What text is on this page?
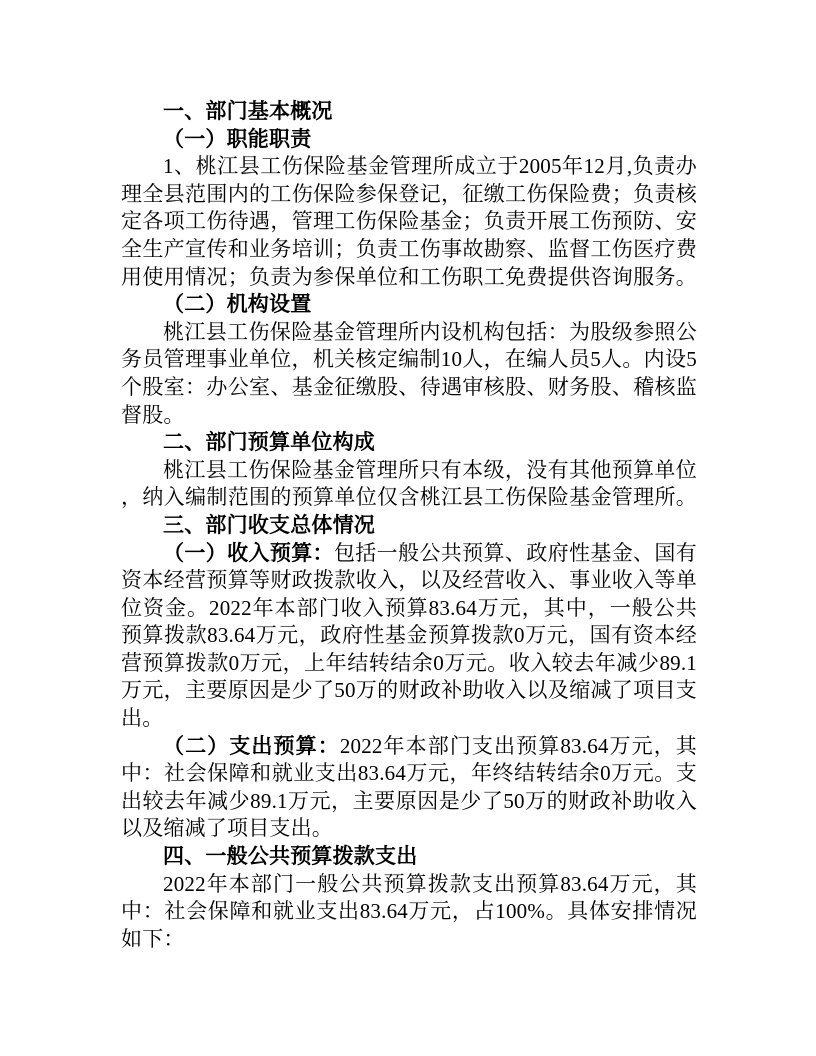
一、部门基本概况
（一）职能职责
1、桃江县工伤保险基金管理所成立于2005年12月,负责办
理全县范围内的工伤保险参保登记，征缴工伤保险费；负责核
定各项工伤待遇，管理工伤保险基金；负责开展工伤预防、安
全生产宣传和业务培训；负责工伤事故勘察、监督工伤医疗费
用使用情况；负责为参保单位和工伤职工免费提供咨询服务。
（二）机构设置
桃江县工伤保险基金管理所内设机构包括：为股级参照公
务员管理事业单位，机关核定编制10人，在编人员5人。内设5
个股室：办公室、基金征缴股、待遇审核股、财务股、稽核监
督股。
二、部门预算单位构成
桃江县工伤保险基金管理所只有本级，没有其他预算单位
，纳入编制范围的预算单位仅含桃江县工伤保险基金管理所。
三、部门收支总体情况
（一）收入预算：包括一般公共预算、政府性基金、国有
资本经营预算等财政拨款收入，以及经营收入、事业收入等单
位资金。2022年本部门收入预算83.64万元，其中，一般公共
预算拨款83.64万元，政府性基金预算拨款0万元，国有资本经
营预算拨款0万元，上年结转结余0万元。收入较去年减少89.1
万元，主要原因是少了50万的财政补助收入以及缩减了项目支
出。
（二）支出预算：2022年本部门支出预算83.64万元，其
中：社会保障和就业支出83.64万元，年终结转结余0万元。支
出较去年减少89.1万元，主要原因是少了50万的财政补助收入
以及缩减了项目支出。
四、一般公共预算拨款支出
2022年本部门一般公共预算拨款支出预算83.64万元，其
中：社会保障和就业支出83.64万元，占100%。具体安排情况
如下：
